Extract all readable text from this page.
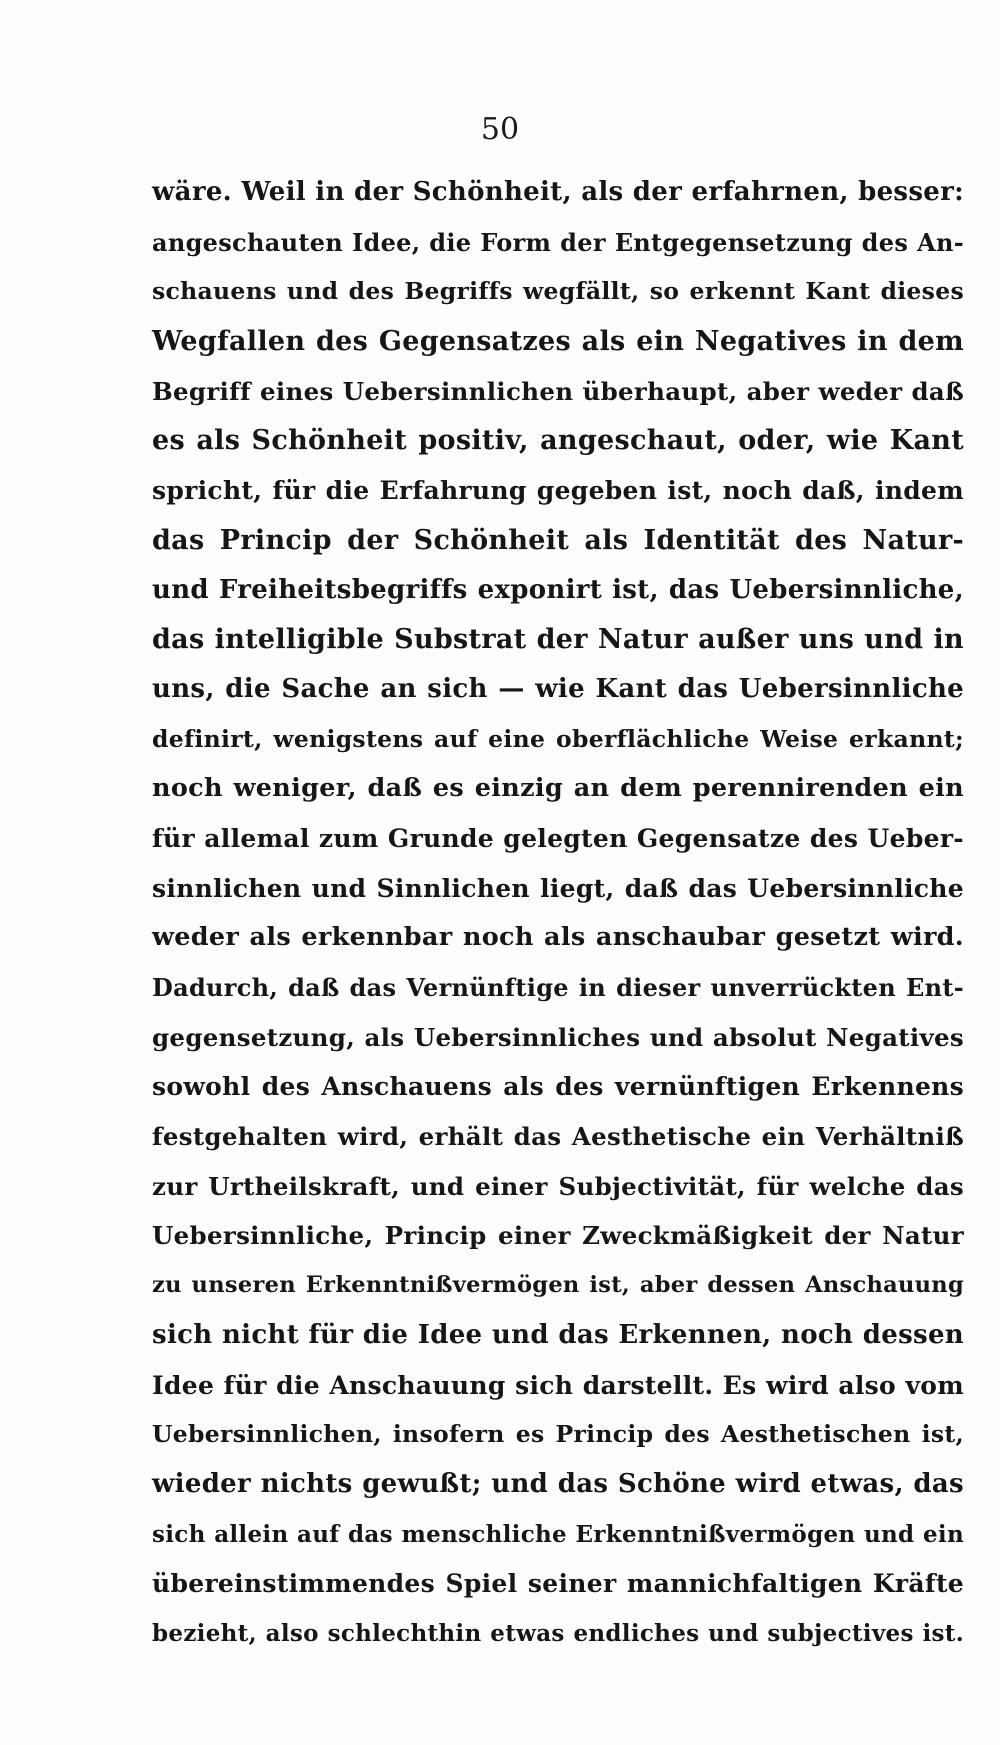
50
wäre. Weil in der Schönheit, als der erfahrnen, besser:
angeschauten Idee, die Form der Entgegensetzung des An-
schauens und des Begriffs wegfällt, so erkennt Kant dieses
Wegfallen des Gegensatzes als ein Negatives in dem
Begriff eines Uebersinnlichen überhaupt, aber weder daß
es als Schönheit positiv, angeschaut, oder, wie Kant
spricht, für die Erfahrung gegeben ist, noch daß, indem
das Princip der Schönheit als Identität des Natur-
und Freiheitsbegriffs exponirt ist, das Uebersinnliche,
das intelligible Substrat der Natur außer uns und in
uns, die Sache an sich — wie Kant das Uebersinnliche
definirt, wenigstens auf eine oberflächliche Weise erkannt;
noch weniger, daß es einzig an dem perennirenden ein
für allemal zum Grunde gelegten Gegensatze des Ueber-
sinnlichen und Sinnlichen liegt, daß das Uebersinnliche
weder als erkennbar noch als anschaubar gesetzt wird.
Dadurch, daß das Vernünftige in dieser unverrückten Ent-
gegensetzung, als Uebersinnliches und absolut Negatives
sowohl des Anschauens als des vernünftigen Erkennens
festgehalten wird, erhält das Aesthetische ein Verhältniß
zur Urtheilskraft, und einer Subjectivität, für welche das
Uebersinnliche, Princip einer Zweckmäßigkeit der Natur
zu unseren Erkenntnißvermögen ist, aber dessen Anschauung
sich nicht für die Idee und das Erkennen, noch dessen
Idee für die Anschauung sich darstellt. Es wird also vom
Uebersinnlichen, insofern es Princip des Aesthetischen ist,
wieder nichts gewußt; und das Schöne wird etwas, das
sich allein auf das menschliche Erkenntnißvermögen und ein
übereinstimmendes Spiel seiner mannichfaltigen Kräfte
bezieht, also schlechthin etwas endliches und subjectives ist.
